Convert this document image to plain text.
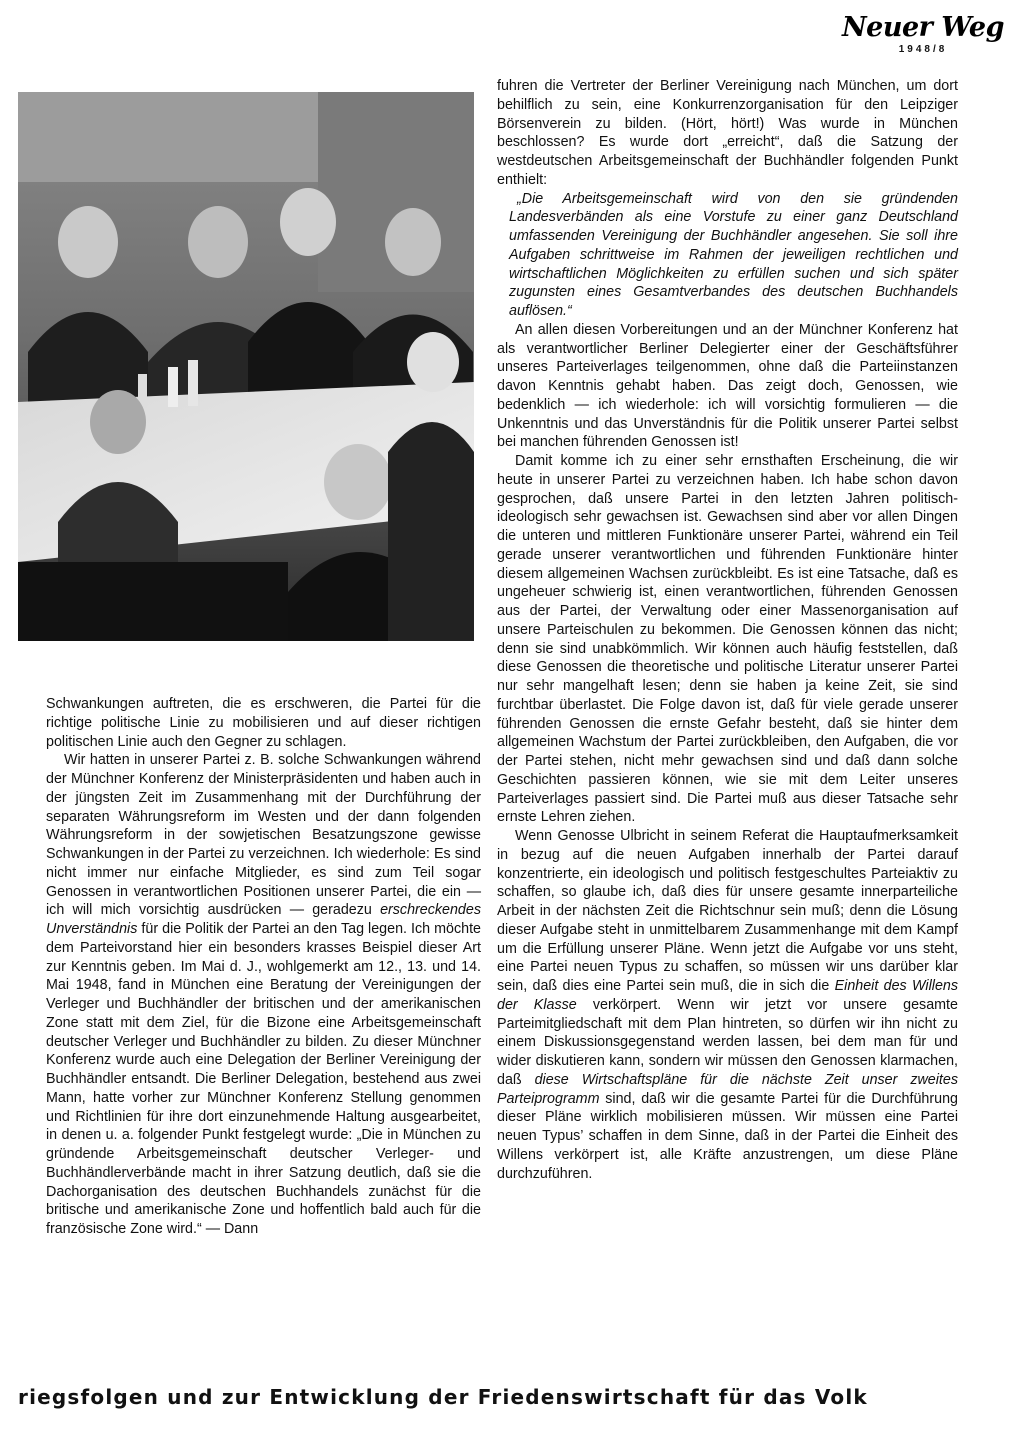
Neuer Weg
1948/8

Schwankungen auftreten, die es erschweren, die Partei für die richtige politische Linie zu mobilisieren und auf dieser richtigen politischen Linie auch den Gegner zu schlagen.

Wir hatten in unserer Partei z. B. solche Schwankungen während der Münchner Konferenz der Ministerpräsidenten und haben auch in der jüngsten Zeit im Zusammenhang mit der Durchführung der separaten Währungsreform im Westen und der dann folgenden Währungsreform in der sowjetischen Besatzungszone gewisse Schwankungen in der Partei zu verzeichnen. Ich wiederhole: Es sind nicht immer nur einfache Mitglieder, es sind zum Teil sogar Genossen in verantwortlichen Positionen unserer Partei, die ein — ich will mich vorsichtig ausdrücken — geradezu erschreckendes Unverständnis für die Politik der Partei an den Tag legen. Ich möchte dem Parteivorstand hier ein besonders krasses Beispiel dieser Art zur Kenntnis geben. Im Mai d. J., wohlgemerkt am 12., 13. und 14. Mai 1948, fand in München eine Beratung der Vereinigungen der Verleger und Buchhändler der britischen und der amerikanischen Zone statt mit dem Ziel, für die Bizone eine Arbeitsgemeinschaft deutscher Verleger und Buchhändler zu bilden. Zu dieser Münchner Konferenz wurde auch eine Delegation der Berliner Vereinigung der Buchhändler entsandt. Die Berliner Delegation, bestehend aus zwei Mann, hatte vorher zur Münchner Konferenz Stellung genommen und Richtlinien für ihre dort einzunehmende Haltung ausgearbeitet, in denen u. a. folgender Punkt festgelegt wurde: „Die in München zu gründende Arbeitsgemeinschaft deutscher Verleger- und Buchhändlerverbände macht in ihrer Satzung deutlich, daß sie die Dachorganisation des deutschen Buchhandels zunächst für die britische und amerikanische Zone und hoffentlich bald auch für die französische Zone wird.“ — Dann

fuhren die Vertreter der Berliner Vereinigung nach München, um dort behilflich zu sein, eine Konkurrenzorganisation für den Leipziger Börsenverein zu bilden. (Hört, hört!) Was wurde in München beschlossen? Es wurde dort „erreicht“, daß die Satzung der westdeutschen Arbeitsgemeinschaft der Buchhändler folgenden Punkt enthielt:

„Die Arbeitsgemeinschaft wird von den sie gründenden Landesverbänden als eine Vorstufe zu einer ganz Deutschland umfassenden Vereinigung der Buchhändler angesehen. Sie soll ihre Aufgaben schrittweise im Rahmen der jeweiligen rechtlichen und wirtschaftlichen Möglichkeiten zu erfüllen suchen und sich später zugunsten eines Gesamtverbandes des deutschen Buchhandels auflösen.“

An allen diesen Vorbereitungen und an der Münchner Konferenz hat als verantwortlicher Berliner Delegierter einer der Geschäftsführer unseres Parteiverlages teilgenommen, ohne daß die Parteiinstanzen davon Kenntnis gehabt haben. Das zeigt doch, Genossen, wie bedenklich — ich wiederhole: ich will vorsichtig formulieren — die Unkenntnis und das Unverständnis für die Politik unserer Partei selbst bei manchen führenden Genossen ist!

Damit komme ich zu einer sehr ernsthaften Erscheinung, die wir heute in unserer Partei zu verzeichnen haben. Ich habe schon davon gesprochen, daß unsere Partei in den letzten Jahren politisch-ideologisch sehr gewachsen ist. Gewachsen sind aber vor allen Dingen die unteren und mittleren Funktionäre unserer Partei, während ein Teil gerade unserer verantwortlichen und führenden Funktionäre hinter diesem allgemeinen Wachsen zurückbleibt. Es ist eine Tatsache, daß es ungeheuer schwierig ist, einen verantwortlichen, führenden Genossen aus der Partei, der Verwaltung oder einer Massenorganisation auf unsere Parteischulen zu bekommen. Die Genossen können das nicht; denn sie sind unabkömmlich. Wir können auch häufig feststellen, daß diese Genossen die theoretische und politische Literatur unserer Partei nur sehr mangelhaft lesen; denn sie haben ja keine Zeit, sie sind furchtbar überlastet. Die Folge davon ist, daß für viele gerade unserer führenden Genossen die ernste Gefahr besteht, daß sie hinter dem allgemeinen Wachstum der Partei zurückbleiben, den Aufgaben, die vor der Partei stehen, nicht mehr gewachsen sind und daß dann solche Geschichten passieren können, wie sie mit dem Leiter unseres Parteiverlages passiert sind. Die Partei muß aus dieser Tatsache sehr ernste Lehren ziehen.

Wenn Genosse Ulbricht in seinem Referat die Hauptaufmerksamkeit in bezug auf die neuen Aufgaben innerhalb der Partei darauf konzentrierte, ein ideologisch und politisch festgeschultes Parteiaktiv zu schaffen, so glaube ich, daß dies für unsere gesamte innerparteiliche Arbeit in der nächsten Zeit die Richtschnur sein muß; denn die Lösung dieser Aufgabe steht in unmittelbarem Zusammenhange mit dem Kampf um die Erfüllung unserer Pläne. Wenn jetzt die Aufgabe vor uns steht, eine Partei neuen Typus zu schaffen, so müssen wir uns darüber klar sein, daß dies eine Partei sein muß, die in sich die Einheit des Willens der Klasse verkörpert. Wenn wir jetzt vor unsere gesamte Parteimitgliedschaft mit dem Plan hintreten, so dürfen wir ihn nicht zu einem Diskussionsgegenstand werden lassen, bei dem man für und wider diskutieren kann, sondern wir müssen den Genossen klarmachen, daß diese Wirtschaftspläne für die nächste Zeit unser zweites Parteiprogramm sind, daß wir die gesamte Partei für die Durchführung dieser Pläne wirklich mobilisieren müssen. Wir müssen eine Partei neuen Typus’ schaffen in dem Sinne, daß in der Partei die Einheit des Willens verkörpert ist, alle Kräfte anzustrengen, um diese Pläne durchzuführen.

riegsfolgen und zur Entwicklung der Friedenswirtschaft für das Volk
